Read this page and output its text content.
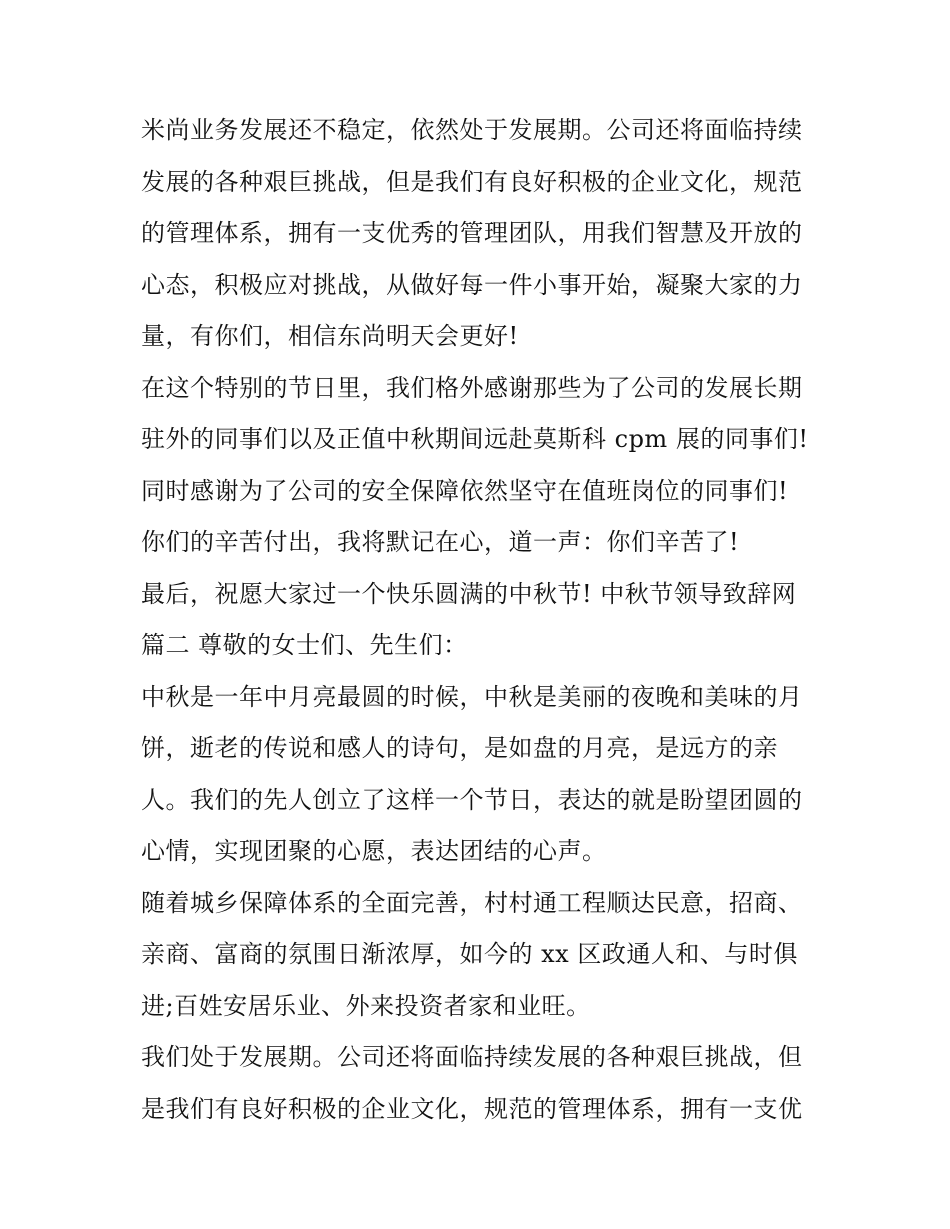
米尚业务发展还不稳定，依然处于发展期。公司还将面临持续
发展的各种艰巨挑战，但是我们有良好积极的企业文化，规范
的管理体系，拥有一支优秀的管理团队，用我们智慧及开放的
心态，积极应对挑战，从做好每一件小事开始，凝聚大家的力
量，有你们，相信东尚明天会更好!
在这个特别的节日里，我们格外感谢那些为了公司的发展长期
驻外的同事们以及正值中秋期间远赴莫斯科 cpm 展的同事们!
同时感谢为了公司的安全保障依然坚守在值班岗位的同事们!
你们的辛苦付出，我将默记在心，道一声：你们辛苦了!
最后，祝愿大家过一个快乐圆满的中秋节! 中秋节领导致辞网
篇二 尊敬的女士们、先生们：
中秋是一年中月亮最圆的时候，中秋是美丽的夜晚和美味的月
饼，逝老的传说和感人的诗句，是如盘的月亮，是远方的亲
人。我们的先人创立了这样一个节日，表达的就是盼望团圆的
心情，实现团聚的心愿，表达团结的心声。
随着城乡保障体系的全面完善，村村通工程顺达民意，招商、
亲商、富商的氛围日渐浓厚，如今的 xx 区政通人和、与时俱
进;百姓安居乐业、外来投资者家和业旺。
我们处于发展期。公司还将面临持续发展的各种艰巨挑战，但
是我们有良好积极的企业文化，规范的管理体系，拥有一支优
